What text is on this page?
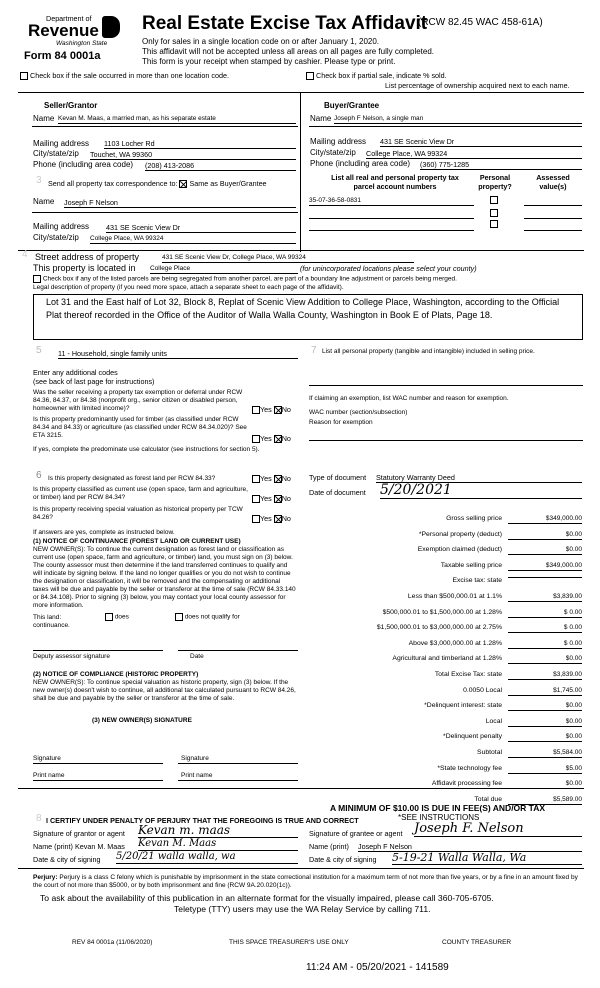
Department of
Revenue
Washington State
Form 84 0001a
Real Estate Excise Tax Affidavit
(RCW 82.45 WAC 458-61A)
Only for sales in a single location code on or after January 1, 2020.
This affidavit will not be accepted unless all areas on all pages are fully completed.
This form is your receipt when stamped by cashier. Please type or print.
Check box if the sale occurred in more than one location code.	Check box if partial sale, indicate % sold.
List percentage of ownership acquired next to each name.
Seller/Grantor
Name Kevan M. Maas, a married man, as his separate estate
Mailing address 1103 Locher Rd
City/state/zip Touchet, WA 99360
Phone (including area code) (208) 413-2086
Buyer/Grantee
Name Joseph F Nelson, a single man
Mailing address 431 SE Scenic View Dr
City/state/zip College Place, WA 99324
Phone (including area code) (360) 775-1285
3 Send all property tax correspondence to: Same as Buyer/Grantee
Name Joseph F Nelson
Mailing address 431 SE Scenic View Dr
City/state/zip College Place, WA 99324
List all real and personal property tax parcel account numbers
Personal property?
Assessed value(s)
35-07-36-58-0831
4 Street address of property	431 SE Scenic View Dr, College Place, WA 99324
This property is located in College Place	(for unincorporated locations please select your county)
Check box if any of the listed parcels are being segregated from another parcel, are part of a boundary line adjustment or parcels being merged.
Legal description of property (if you need more space, attach a separate sheet to each page of the affidavit).
Lot 31 and the East half of Lot 32, Block 8, Replat of Scenic View Addition to College Place, Washington, according to the Official Plat thereof recorded in the Office of the Auditor of Walla Walla County, Washington in Book E of Plats, Page 18.
5 11 - Household, single family units
Enter any additional codes
(see back of last page for instructions)
Was the seller receiving a property tax exemption or deferral under RCW 84.36, 84.37, or 84.38 (nonprofit org., senior citizen or disabled person, homeowner with limited income)?	Yes No
Is this property predominantly used for timber (as classified under RCW 84.34 and 84.33) or agriculture (as classified under RCW 84.34.020)? See ETA 3215.	Yes No
If yes, complete the predominate use calculator (see instructions for section 5).
6 Is this property designated as forest land per RCW 84.33?	Yes No
Is this property classified as current use (open space, farm and agriculture, or timber) land per RCW 84.34?	Yes No
Is this property receiving special valuation as historical property per TCW 84.26?	Yes No
If answers are yes, complete as instructed below.
(1) NOTICE OF CONTINUANCE (FOREST LAND OR CURRENT USE)
NEW OWNER(S): To continue the current designation as forest land or classification as current use (open space, farm and agriculture, or timber) land, you must sign on (3) below. The county assessor must then determine if the land transferred continues to qualify and will indicate by signing below. If the land no longer qualifies or you do not wish to continue the designation or classification, it will be removed and the compensating or additional taxes will be due and payable by the seller or transferor at the time of sale (RCW 84.33.140 or 84.34.108). Prior to signing (3) below, you may contact your local county assessor for more information.
This land:	does	does not qualify for
continuance.
Deputy assessor signature	Date
(2) NOTICE OF COMPLIANCE (HISTORIC PROPERTY)
NEW OWNER(S): To continue special valuation as historic property, sign (3) below. If the new owner(s) doesn't wish to continue, all additional tax calculated pursuant to RCW 84.26, shall be due and payable by the seller or transferor at the time of sale.
(3) NEW OWNER(S) SIGNATURE
Signature	Signature
Print name	Print name
7 List all personal property (tangible and intangible) included in selling price.
If claiming an exemption, list WAC number and reason for exemption.
WAC number (section/subsection)
Reason for exemption
Type of document Statutory Warranty Deed
Date of document 5/20/2021
Gross selling price	$349,000.00
*Personal property (deduct)	$0.00
Exemption claimed (deduct)	$0.00
Taxable selling price	$349,000.00
Excise tax: state
Less than $500,000.01 at 1.1%	$3,839.00
$500,000.01 to $1,500,000.00 at 1.28%	$ 0.00
$1,500,000.01 to $3,000,000.00 at 2.75%	$ 0.00
Above $3,000,000.00 at 1.28%	$ 0.00
Agricultural and timberland at 1.28%	$0.00
Total Excise Tax: state	$3,839.00
0.0050 Local	$1,745.00
*Delinquent interest: state	$0.00
Local	$0.00
*Delinquent penalty	$0.00
Subtotal	$5,584.00
*State technology fee	$5.00
Affidavit processing fee	$0.00
Total due	$5,589.00
A MINIMUM OF $10.00 IS DUE IN FEE(S) AND/OR TAX
*SEE INSTRUCTIONS
8 I CERTIFY UNDER PENALTY OF PERJURY THAT THE FOREGOING IS TRUE AND CORRECT
Signature of grantor or agent Kevan m. maas
Name (print) Kevan M. Maas Kevan M. Maas
Date & city of signing 5/20/21 walla walla, wa
Signature of grantee or agent Joseph F. Nelson
Name (print) Joseph F Nelson
Date & city of signing 5-19-21 Walla Walla, Wa
Perjury: Perjury is a class C felony which is punishable by imprisonment in the state correctional institution for a maximum term of not more than five years, or by a fine in an amount fixed by the court of not more than $5000, or by both imprisonment and fine (RCW 9A.20.020(1c)).
To ask about the availability of this publication in an alternate format for the visually impaired, please call 360-705-6705.
Teletype (TTY) users may use the WA Relay Service by calling 711.
REV 84 0001a (11/06/2020)	THIS SPACE TREASURER'S USE ONLY	COUNTY TREASURER
11:24 AM - 05/20/2021 - 141589
